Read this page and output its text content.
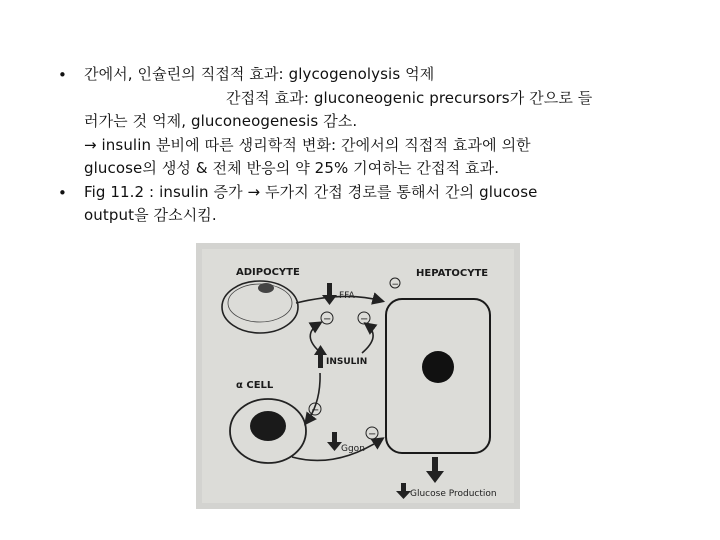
• 간에서, 인슐린의 직접적 효과: glycogenolysis 억제
간접적 효과: gluconeogenic precursors가 간으로 들
러가는 것 억제, gluconeogenesis 감소.
→ insulin 분비에 따른 생리학적 변화: 간에서의 직접적 효과에 의한
glucose의 생성 & 전체 반응의 약 25% 기여하는 간접적 효과.
• Fig 11.2 : insulin 증가 → 두가지 간접 경로를 통해서 간의 glucose
output을 감소시킴.
ADIPOCYTE	HEPATOCYTE
FFA
−
−	−
INSULIN
α CELL
−
−
Ggon
Glucose Production
